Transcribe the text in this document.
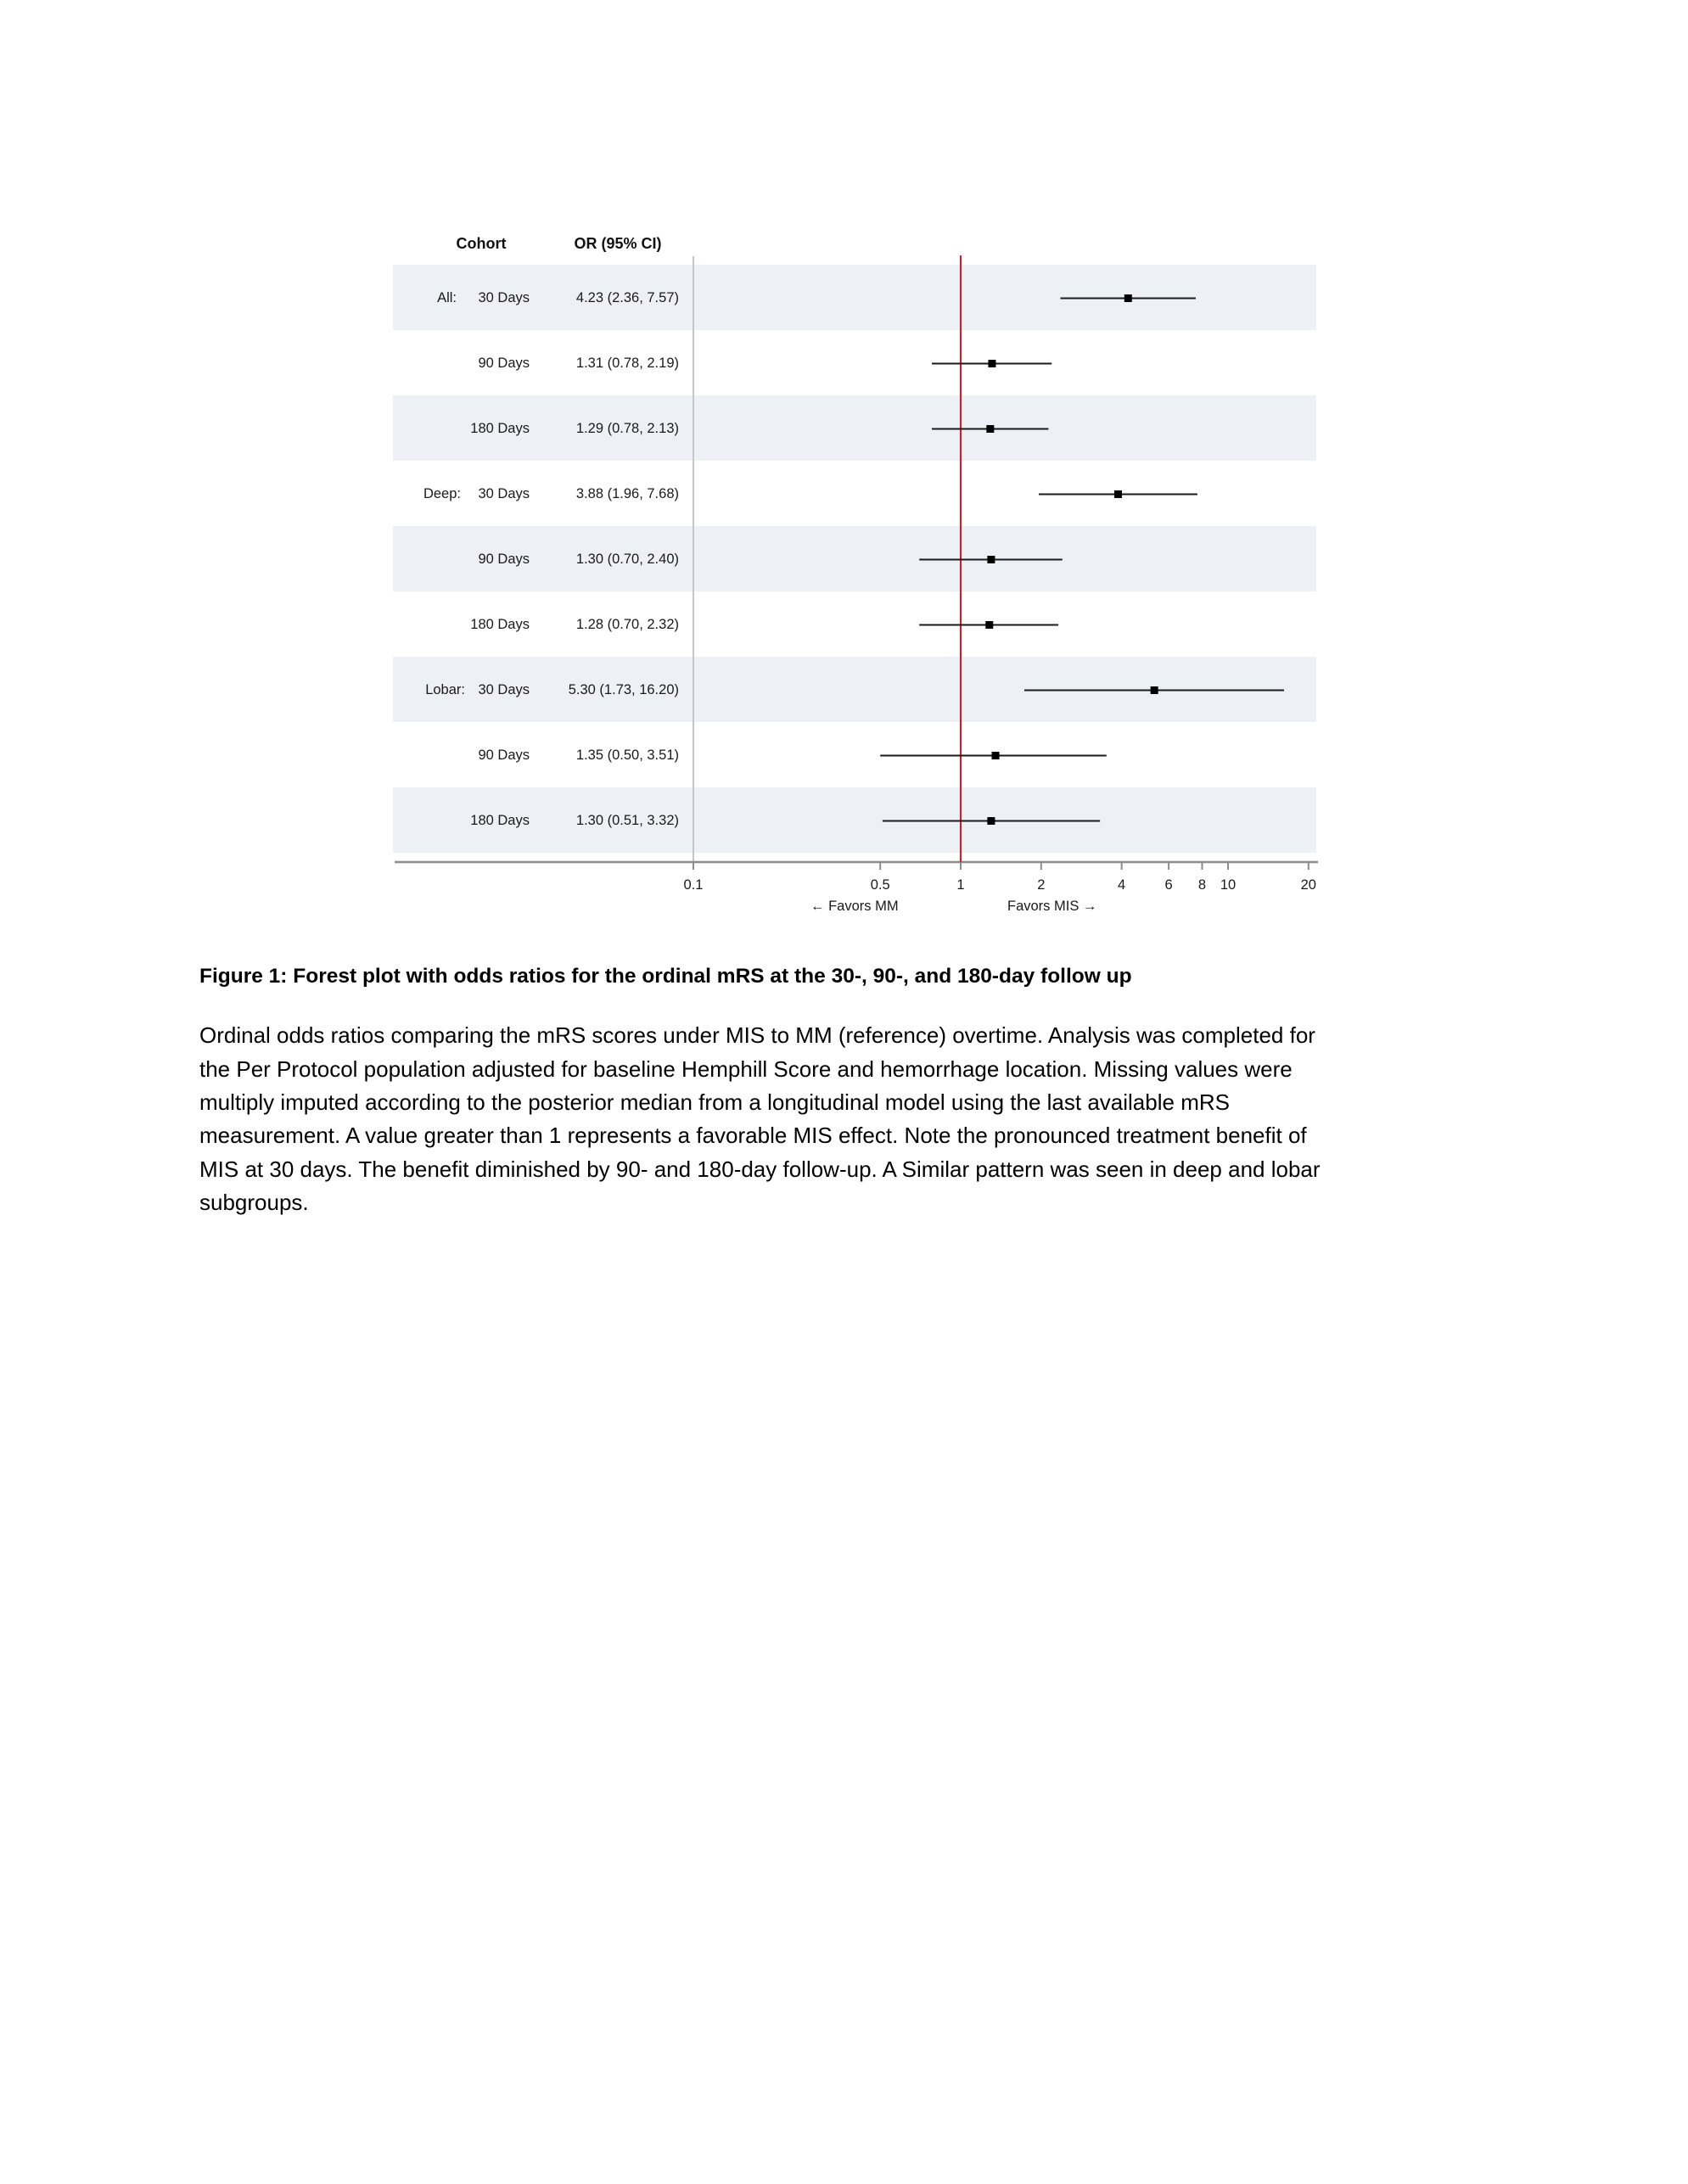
Cohort	OR (95% CI)
All: 30 Days	4.23 (2.36, 7.57)
90 Days	1.31 (0.78, 2.19)
180 Days	1.29 (0.78, 2.13)
Deep: 30 Days	3.88 (1.96, 7.68)
90 Days	1.30 (0.70, 2.40)
180 Days	1.28 (0.70, 2.32)
Lobar: 30 Days	5.30 (1.73, 16.20)
90 Days	1.35 (0.50, 3.51)
180 Days	1.30 (0.51, 3.32)
0.1	0.5	1	2	4	6 8 10	20
← Favors MM	Favors MIS →
Figure 1: Forest plot with odds ratios for the ordinal mRS at the 30-, 90-, and 180-day follow up
Ordinal odds ratios comparing the mRS scores under MIS to MM (reference) overtime. Analysis was completed for
the Per Protocol population adjusted for baseline Hemphill Score and hemorrhage location. Missing values were
multiply imputed according to the posterior median from a longitudinal model using the last available mRS
measurement. A value greater than 1 represents a favorable MIS effect. Note the pronounced treatment benefit of
MIS at 30 days. The benefit diminished by 90- and 180-day follow-up. A Similar pattern was seen in deep and lobar
subgroups.
